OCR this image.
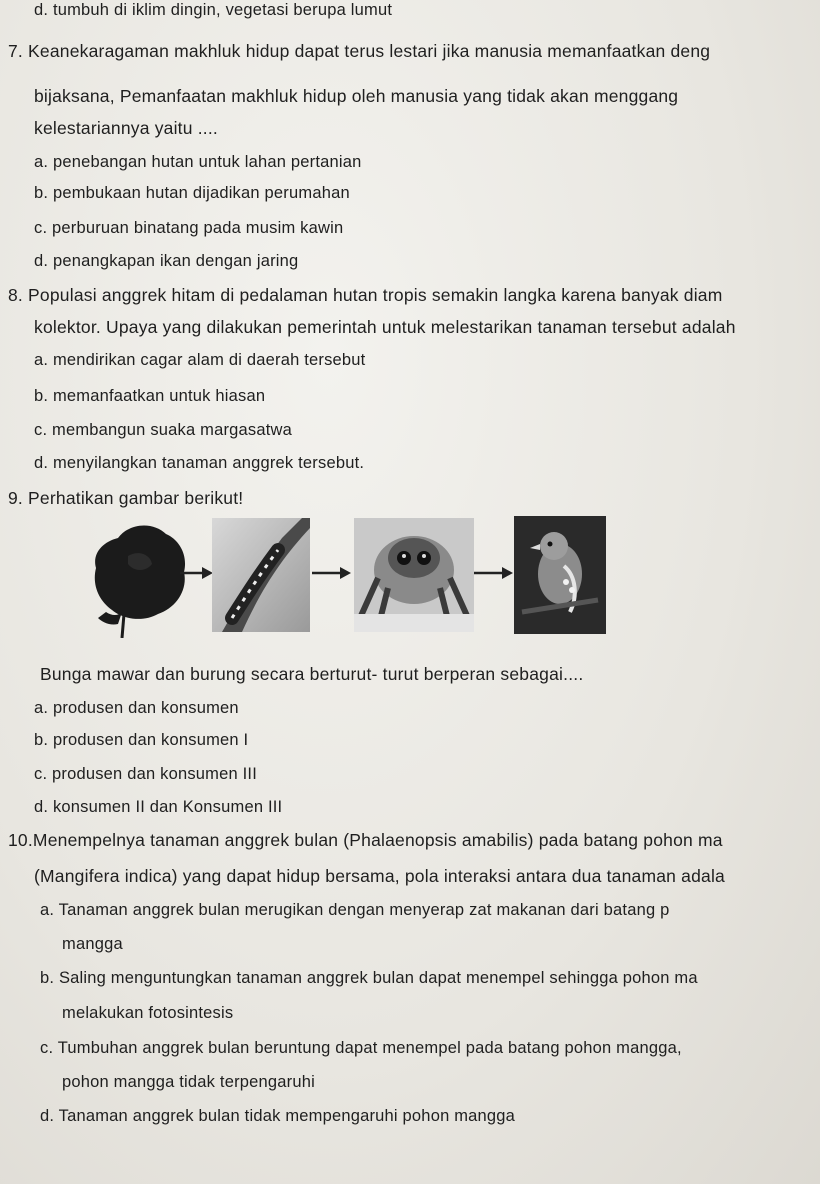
d. tumbuh di iklim dingin, vegetasi berupa lumut
7. Keanekaragaman makhluk hidup dapat terus lestari jika manusia memanfaatkan deng
bijaksana, Pemanfaatan makhluk hidup oleh manusia yang tidak akan menggang
kelestariannya yaitu ....
a. penebangan hutan untuk lahan pertanian
b. pembukaan hutan dijadikan perumahan
c. perburuan binatang pada musim kawin
d. penangkapan ikan dengan jaring
8. Populasi anggrek hitam di pedalaman hutan tropis semakin langka karena banyak diam
kolektor. Upaya yang dilakukan pemerintah untuk melestarikan tanaman tersebut adalah
a. mendirikan cagar alam di daerah tersebut
b. memanfaatkan untuk hiasan
c. membangun suaka margasatwa
d. menyilangkan tanaman anggrek tersebut.
9. Perhatikan gambar berikut!
Bunga mawar dan burung secara berturut- turut berperan sebagai....
a. produsen dan konsumen
b. produsen dan konsumen I
c. produsen dan konsumen III
d. konsumen II dan Konsumen III
10.Menempelnya tanaman anggrek bulan (Phalaenopsis amabilis) pada batang pohon ma
(Mangifera indica) yang dapat hidup bersama, pola interaksi antara dua tanaman adala
a. Tanaman anggrek bulan merugikan dengan menyerap zat makanan dari batang p
mangga
b. Saling menguntungkan tanaman anggrek bulan dapat menempel sehingga pohon ma
melakukan fotosintesis
c. Tumbuhan anggrek bulan beruntung dapat menempel pada batang pohon mangga,
pohon mangga tidak terpengaruhi
d. Tanaman anggrek bulan tidak mempengaruhi pohon mangga
